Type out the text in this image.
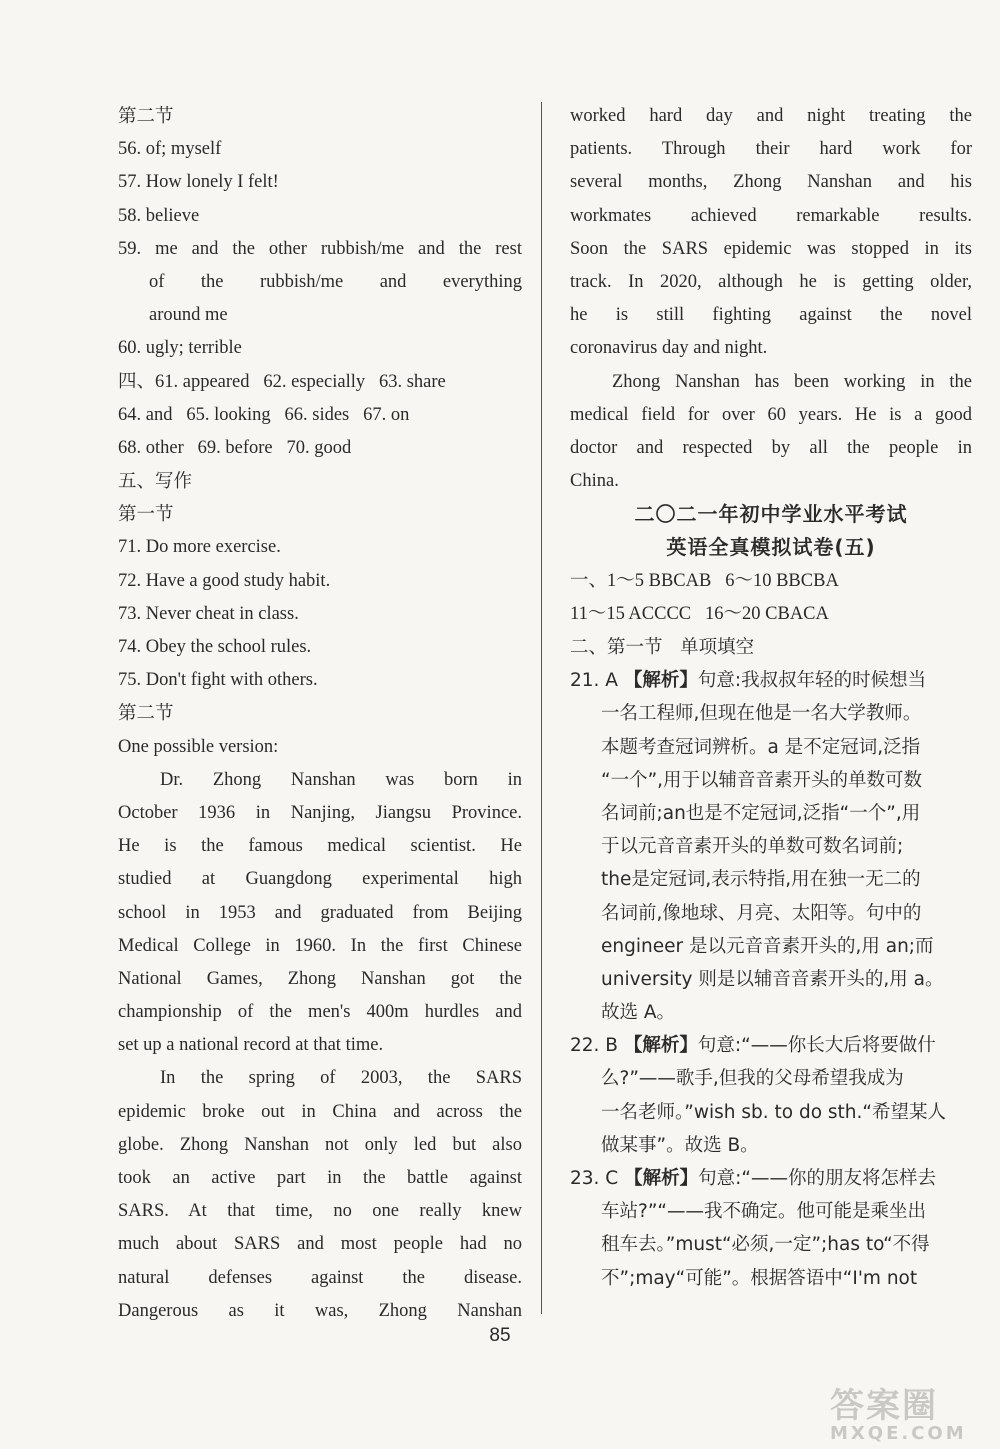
第二节
56. of; myself
57. How lonely I felt!
58. believe
59. me and the other rubbish/me and the rest
of the rubbish/me and everything
around me
60. ugly; terrible
四、61. appeared   62. especially   63. share
64. and   65. looking   66. sides   67. on
68. other   69. before   70. good
五、写作
第一节
71. Do more exercise.
72. Have a good study habit.
73. Never cheat in class.
74. Obey the school rules.
75. Don't fight with others.
第二节
One possible version:
Dr. Zhong Nanshan was born in
October 1936 in Nanjing, Jiangsu Province.
He is the famous medical scientist. He
studied at Guangdong experimental high
school in 1953 and graduated from Beijing
Medical College in 1960. In the first Chinese
National Games, Zhong Nanshan got the
championship of the men's 400m hurdles and
set up a national record at that time.
In the spring of 2003, the SARS
epidemic broke out in China and across the
globe. Zhong Nanshan not only led but also
took an active part in the battle against
SARS. At that time, no one really knew
much about SARS and most people had no
natural defenses against the disease.
Dangerous as it was, Zhong Nanshan
worked hard day and night treating the
patients. Through their hard work for
several months, Zhong Nanshan and his
workmates achieved remarkable results.
Soon the SARS epidemic was stopped in its
track. In 2020, although he is getting older,
he is still fighting against the novel
coronavirus day and night.
Zhong Nanshan has been working in the
medical field for over 60 years. He is a good
doctor and respected by all the people in
China.
二〇二一年初中学业水平考试
英语全真模拟试卷(五)
一、1～5 BBCAB   6～10 BBCBA
11～15 ACCCC   16～20 CBACA
二、第一节   单项填空
21. A 【解析】句意:我叔叔年轻的时候想当
一名工程师,但现在他是一名大学教师。
本题考查冠词辨析。a 是不定冠词,泛指
“一个”,用于以辅音音素开头的单数可数
名词前;an也是不定冠词,泛指“一个”,用
于以元音音素开头的单数可数名词前;
the是定冠词,表示特指,用在独一无二的
名词前,像地球、月亮、太阳等。句中的
engineer 是以元音音素开头的,用 an;而
university 则是以辅音音素开头的,用 a。
故选 A。
22. B 【解析】句意:“——你长大后将要做什
么?”——歌手,但我的父母希望我成为
一名老师。”wish sb. to do sth.“希望某人
做某事”。故选 B。
23. C 【解析】句意:“——你的朋友将怎样去
车站?”“——我不确定。他可能是乘坐出
租车去。”must“必须,一定”;has to“不得
不”;may“可能”。根据答语中“I'm not
85
答案圈
MXQE.COM
